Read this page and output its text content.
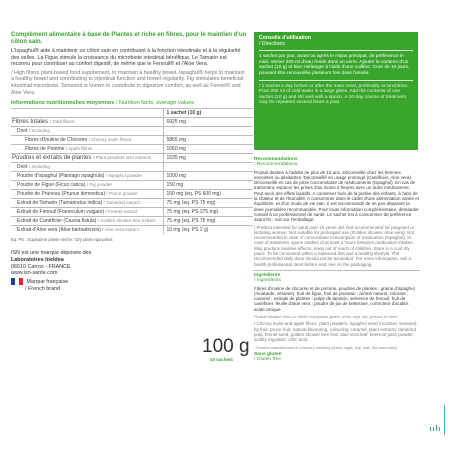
Complément alimentaire à base de Plantes et riche en fibres, pour le maintien d'un côlon sain.

L'Ispaghul® aide à maintenir un côlon sain en contribuant à la fonction intestinale et à la régularité des selles. La Figue stimule la croissance du microbiote intestinal bénéfique. Le Tamarin est reconnu pour contribuer au confort digestif, de même que le Fenouil® et l'Aloe Vera.

/ High fibers plant-based food supplement, to maintain a healthy bowel. Ispaghul® helps to maintain a healthy bowel and contributing to intestinal function and bowel regularity. Fig stimulates beneficial intestinal microbiota. Tamarind is known to contribute to digestive comfort, as well as Fennel® and Aloe Vera.

Informations nutritionnelles moyennes / Nutrition facts, average values
	1 sachet (10 g)
Fibres totales / Total fibers	6925 mg
Dont / Including	
Fibres d'Inuline de Chicorée / Chicory inulin fibres	5865 mg
Fibres de Pomme / Apple fibres	1060 mg
Poudres et extraits de plantes / Plant powders and extracts	1535 mg
Dont / Including	
Poudre d'Ispaghul (Plantago ispaghula) / Ispaghul powder	1000 mg
Poudre de Figue (Ficus carica) / Fig powder	150 mg
Poudre de Pruneau (Prunus domestica) / Prune powder	150 mg (eq. PS 600 mg)
Extrait de Tamarin (Tamarindus indica) / Tamarind extract	75 mg (eq. PS 75 mg)
Extrait de Fenouil (Foeniculum vulgare) / Fennel extract	75 mg (eq. PS 375 mg)
Extrait de Canéficier (Cassia fistula) / Golden shower tree extract	75 mg (eq. PS 75 mg)
Extrait d'Aloe vera (Aloe barbadensis) / Aloe vera extract	10 mg (eq. PS 2 g)
Eq. PS : Equivalent plante sèche / Dry plant equivalent
ISN est une marque déposée des
Laboratoires Ineldea
06510 Carros - FRANCE
www.isn-sante.com
Marque française
/ French brand
100 g
10 sachets
Conseils d'utilisation
/ Directions
1 sachet par jour, avant ou après le repas principal, de préférence le midi. Verser 200 ml d'eau froide dans un verre. Ajouter le contenu d'un sachet (10 g) et bien mélanger à l'aide d'une cuillère. Cure de 10 jours, pouvant être renouvelée plusieurs fois dans l'année.
/ 1 sachet a day before or after the main meal, preferably at lunchtime. Pour 200 ml of cold water in a large glass. Add the contents of one sachet (10 g) and stir well with a spoon. A 10-day course of treatment may be repeated several times a year.
Recommandations
/ Recommendations

Produit destiné à l'adulte de plus de 15 ans. Déconseillé chez les femmes enceintes ou allaitantes. Déconseillé en usage prolongé (Canéficier, Aloe vera). Déconseillé en cas de prise concomitante de médicaments (Ispaghul). En cas de traitement, espacer les prises d'au moins 2 heures avec un autre médicament. Peut avoir des effets laxatifs. A conserver hors de la portée des enfants, à l'abri de la chaleur et de l'humidité. A consommer dans le cadre d'une alimentation variée et équilibrée, et d'un mode de vie sain. Il est recommandé de ne pas dépasser la dose journalière recommandée. Pour toute information complémentaire, demander conseil à un professionnel de santé. Le sachet est à consommer de préférence avant fin : voir sur l'emballage.

/ Product intended for adult over 15 years old. Not recommended for pregnant or lactating women. Not suitable for prolonged use (Golden shower, Aloe vera). Not recommended in case of concomitant consumption of medication (Ispaghul). In case of treatment, space intakes of at least 2 hours between medication intakes. May produce laxative effects. Keep out of reach of children. Store in a cool dry place. To be consumed within a balanced diet and a healthy lifestyle. The recommended daily dose should not be exceeded. For more information, ask a health professional. Best before end: see on the packaging.

Ingrédients
/ Ingredients

Fibres d'inuline de chicorée et de pomme, poudres de plantes : graine d'ispaghul (moutarde, sésame), fruit de figue, fruit de pruneau ; arôme naturel, colorant : caramel ; extraits de plantes : pulpe de tamarin, semence de fenouil, fruit de canéficier, feuille d'aloe vera ; poudre de jus de betterave, correcteur d'acidité : acide citrique.

Produit fabriqué dans un atelier manipulant gluten, œufs, soja, lait, poisson et céleri.

/ Chicory inulin and apple fibres, plant powders: ispaghul seed (mustard, sesame), fig fruit, prune fruit; natural flavouring, colouring: caramel, plant extracts: tamarind pulp, fennel seed, golden shower tree fruit, aloe vera leaf; beetroot juice powder, acidity regulator: citric acid.

/ Product manufactured in a factory handling gluten, eggs, soy, milk, fish and celery.

Sans gluten
/ Gluten free
